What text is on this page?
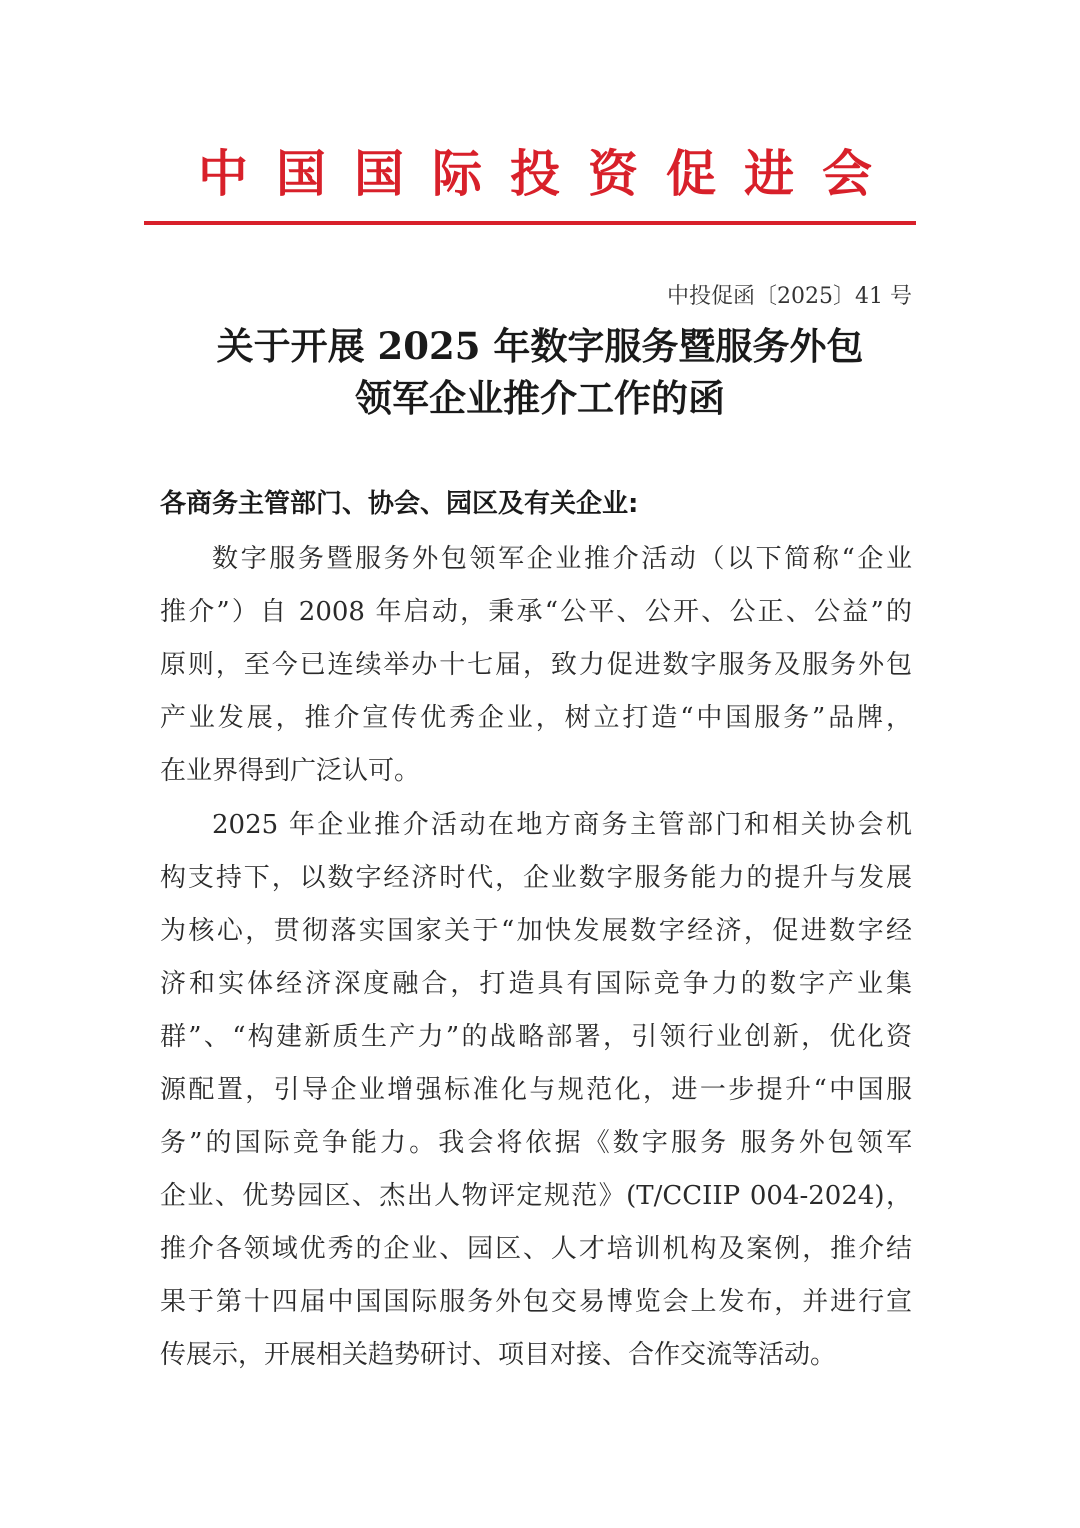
中 国 国 际 投 资 促 进 会
中投促函〔2025〕41 号
关于开展 2025 年数字服务暨服务外包
领军企业推介工作的函
各商务主管部门、协会、园区及有关企业:
数字服务暨服务外包领军企业推介活动（以下简称“企业
推介”）自 2008 年启动，秉承“公平、公开、公正、公益”的
原则，至今已连续举办十七届，致力促进数字服务及服务外包
产业发展，推介宣传优秀企业，树立打造“中国服务”品牌，
在业界得到广泛认可。
2025 年企业推介活动在地方商务主管部门和相关协会机
构支持下，以数字经济时代，企业数字服务能力的提升与发展
为核心，贯彻落实国家关于“加快发展数字经济，促进数字经
济和实体经济深度融合，打造具有国际竞争力的数字产业集
群”、“构建新质生产力”的战略部署，引领行业创新，优化资
源配置，引导企业增强标准化与规范化，进一步提升“中国服
务”的国际竞争能力。我会将依据《数字服务 服务外包领军
企业、优势园区、杰出人物评定规范》(T/CCIIP 004-2024)，
推介各领域优秀的企业、园区、人才培训机构及案例，推介结
果于第十四届中国国际服务外包交易博览会上发布，并进行宣
传展示，开展相关趋势研讨、项目对接、合作交流等活动。
